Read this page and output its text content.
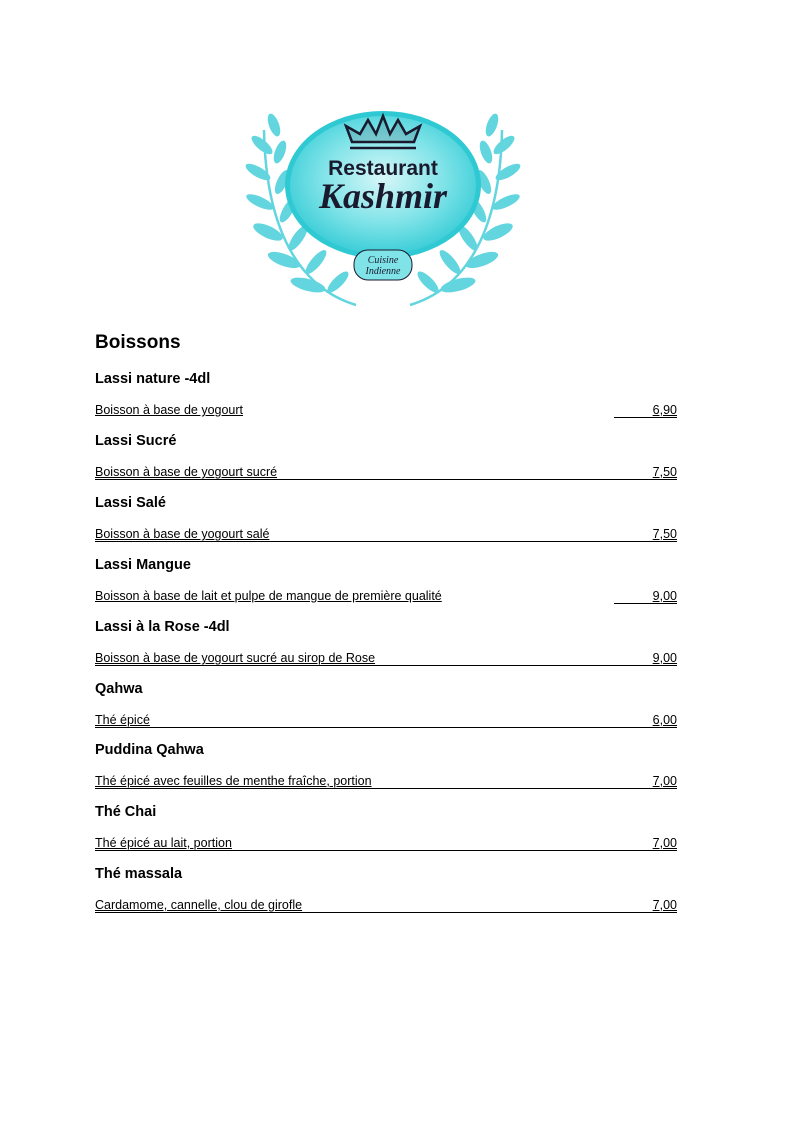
Restaurant
Kashmir
Cuisine
Indienne
Boissons
Lassi nature -4dl
Boisson à base de yogourt	6,90
Lassi Sucré
Boisson à base de yogourt sucré	7,50
Lassi Salé
Boisson à base de yogourt salé	7,50
Lassi Mangue
Boisson à base de lait et pulpe de mangue de première qualité	9,00
Lassi à la Rose -4dl
Boisson à base de yogourt sucré au sirop de Rose	9,00
Qahwa
Thé épicé	6,00
Puddina Qahwa
Thé épicé avec feuilles de menthe fraîche, portion	7,00
Thé Chai
Thé épicé au lait, portion	7,00
Thé massala
Cardamome, cannelle, clou de girofle	7,00
